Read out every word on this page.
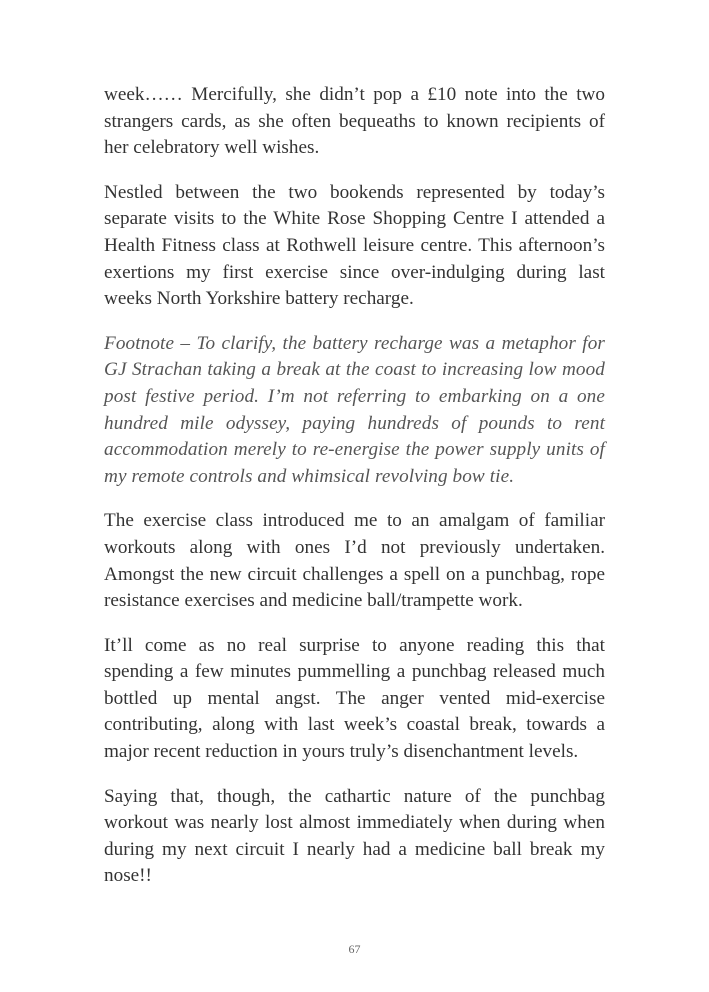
week…… Mercifully, she didn’t pop a £10 note into the two strangers cards, as she often bequeaths to known recipients of her celebratory well wishes.

Nestled between the two bookends represented by today’s separate visits to the White Rose Shopping Centre I attended a Health Fitness class at Rothwell leisure centre. This afternoon’s exertions my first exercise since over-indulging during last weeks North Yorkshire battery recharge.

Footnote – To clarify, the battery recharge was a metaphor for GJ Strachan taking a break at the coast to increasing low mood post festive period. I’m not referring to embarking on a one hundred mile odyssey, paying hundreds of pounds to rent accommodation merely to re-energise the power supply units of my remote controls and whimsical revolving bow tie.

The exercise class introduced me to an amalgam of familiar workouts along with ones I’d not previously undertaken. Amongst the new circuit challenges a spell on a punchbag, rope resistance exercises and medicine ball/trampette work.

It’ll come as no real surprise to anyone reading this that spending a few minutes pummelling a punchbag released much bottled up mental angst. The anger vented mid-exercise contributing, along with last week’s coastal break, towards a major recent reduction in yours truly’s disenchantment levels.

Saying that, though, the cathartic nature of the punchbag workout was nearly lost almost immediately when during when during my next circuit I nearly had a medicine ball break my nose!!

67
